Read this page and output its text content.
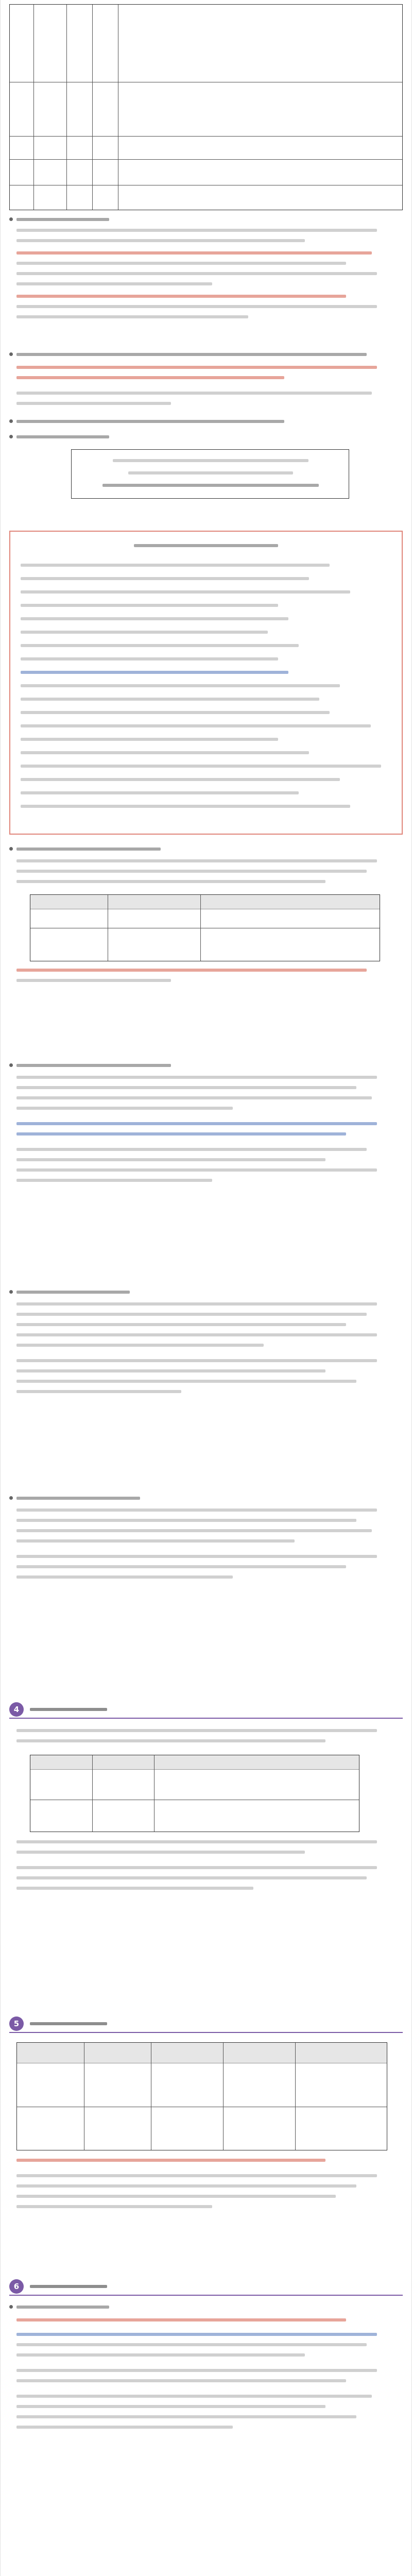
4
5
6
